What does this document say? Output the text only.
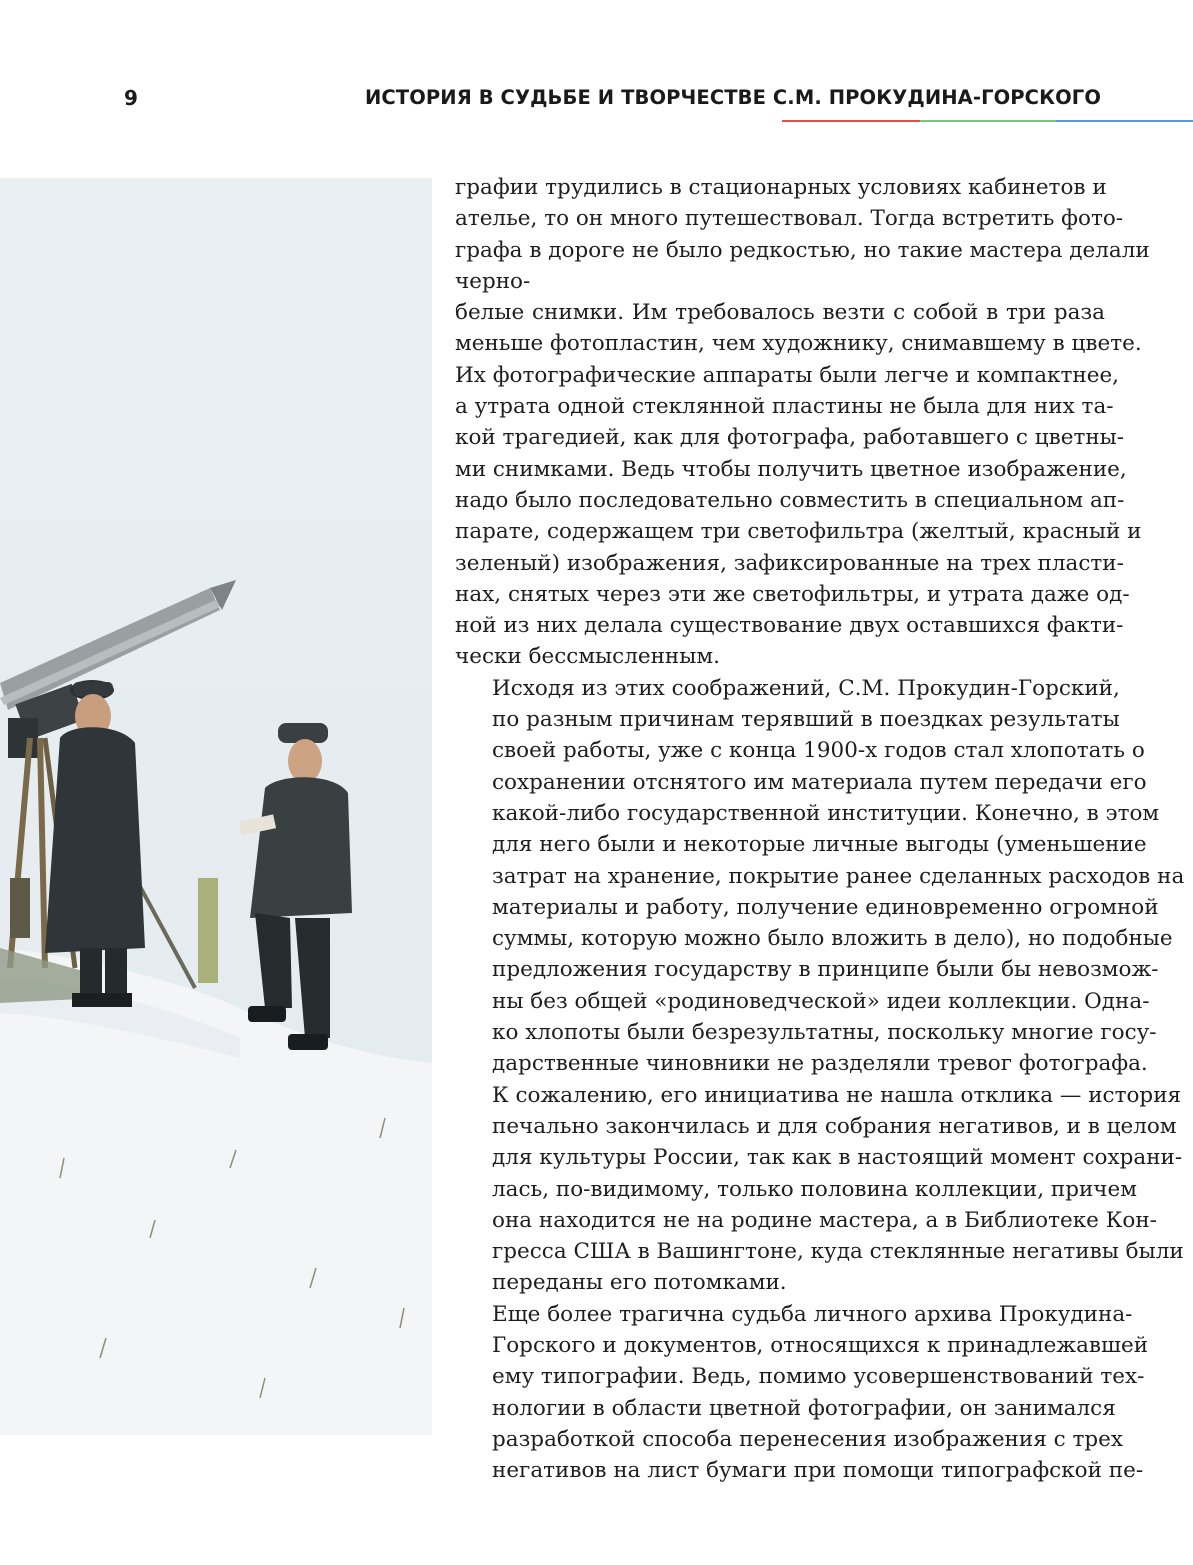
9	ИСТОРИЯ В СУДЬБЕ И ТВОРЧЕСТВЕ С.М. ПРОКУДИНА-ГОРСКОГО

графии трудились в стационарных условиях кабинетов и
ателье, то он много путешествовал. Тогда встретить фото-
графа в дороге не было редкостью, но такие мастера делали
черно-
белые снимки. Им требовалось везти с собой в три раза
меньше фотопластин, чем художнику, снимавшему в цвете.
Их фотографические аппараты были легче и компактнее,
а утрата одной стеклянной пластины не была для них та-
кой трагедией, как для фотографа, работавшего с цветны-
ми снимками. Ведь чтобы получить цветное изображение,
надо было последовательно совместить в специальном ап-
парате, содержащем три светофильтра (желтый, красный и
зеленый) изображения, зафиксированные на трех пласти-
нах, снятых через эти же светофильтры, и утрата даже од-
ной из них делала существование двух оставшихся факти-
чески бессмысленным.

Исходя из этих соображений, С.М. Прокудин-Горский,
по разным причинам терявший в поездках результаты
своей работы, уже с конца 1900-х годов стал хлопотать о
сохранении отснятого им материала путем передачи его
какой-либо государственной институции. Конечно, в этом
для него были и некоторые личные выгоды (уменьшение
затрат на хранение, покрытие ранее сделанных расходов на
материалы и работу, получение единовременно огромной
суммы, которую можно было вложить в дело), но подобные
предложения государству в принципе были бы невозмож-
ны без общей «родиноведческой» идеи коллекции. Одна-
ко хлопоты были безрезультатны, поскольку многие госу-
дарственные чиновники не разделяли тревог фотографа.
К сожалению, его инициатива не нашла отклика — история
печально закончилась и для собрания негативов, и в целом
для культуры России, так как в настоящий момент сохрани-
лась, по-видимому, только половина коллекции, причем
она находится не на родине мастера, а в Библиотеке Кон-
гресса США в Вашингтоне, куда стеклянные негативы были
переданы его потомками.

Еще более трагична судьба личного архива Прокудина-
Горского и документов, относящихся к принадлежавшей
ему типографии. Ведь, помимо усовершенствований тех-
нологии в области цветной фотографии, он занимался
разработкой способа перенесения изображения с трех
негативов на лист бумаги при помощи типографской пе-
